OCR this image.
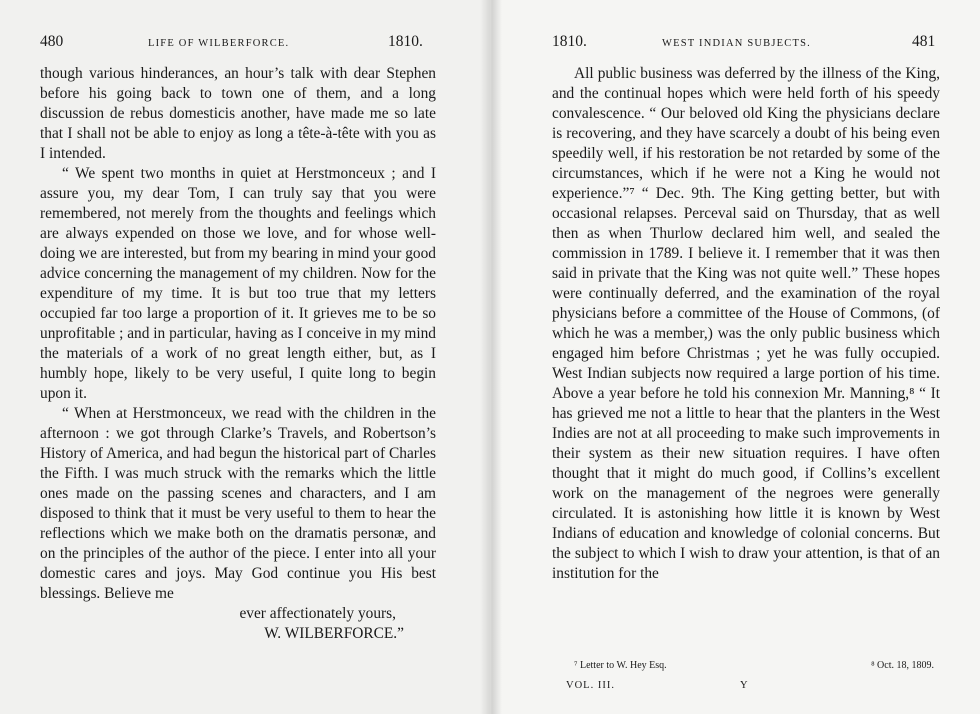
480	LIFE OF WILBERFORCE.	1810.

though various hinderances, an hour’s talk with dear Stephen before his going back to town one of them, and a long discussion de rebus domesticis another, have made me so late that I shall not be able to enjoy as long a tête-à-tête with you as I intended.

“ We spent two months in quiet at Herstmonceux ; and I assure you, my dear Tom, I can truly say that you were remembered, not merely from the thoughts and feelings which are always expended on those we love, and for whose well-doing we are interested, but from my bearing in mind your good advice concerning the management of my children. Now for the expenditure of my time. It is but too true that my letters occupied far too large a proportion of it. It grieves me to be so unprofitable ; and in particular, having as I conceive in my mind the materials of a work of no great length either, but, as I humbly hope, likely to be very useful, I quite long to begin upon it.

“ When at Herstmonceux, we read with the children in the afternoon : we got through Clarke’s Travels, and Robertson’s History of America, and had begun the historical part of Charles the Fifth. I was much struck with the remarks which the little ones made on the passing scenes and characters, and I am disposed to think that it must be very useful to them to hear the reflections which we make both on the dramatis personæ, and on the principles of the author of the piece. I enter into all your domestic cares and joys. May God continue you His best blessings. Believe me

ever affectionately yours,

W. WILBERFORCE.”

1810.	WEST INDIAN SUBJECTS.	481

All public business was deferred by the illness of the King, and the continual hopes which were held forth of his speedy convalescence. “ Our beloved old King the physicians declare is recovering, and they have scarcely a doubt of his being even speedily well, if his restoration be not retarded by some of the circumstances, which if he were not a King he would not experience.”⁷ “ Dec. 9th. The King getting better, but with occasional relapses. Perceval said on Thursday, that as well then as when Thurlow declared him well, and sealed the commission in 1789. I believe it. I remember that it was then said in private that the King was not quite well.” These hopes were continually deferred, and the examination of the royal physicians before a committee of the House of Commons, (of which he was a member,) was the only public business which engaged him before Christmas ; yet he was fully occupied. West Indian subjects now required a large portion of his time. Above a year before he told his connexion Mr. Manning,⁸ “ It has grieved me not a little to hear that the planters in the West Indies are not at all proceeding to make such improvements in their system as their new situation requires. I have often thought that it might do much good, if Collins’s excellent work on the management of the negroes were generally circulated. It is astonishing how little it is known by West Indians of education and knowledge of colonial concerns. But the subject to which I wish to draw your attention, is that of an institution for the

⁷ Letter to W. Hey Esq.	⁸ Oct. 18, 1809.
VOL. III.	Y
